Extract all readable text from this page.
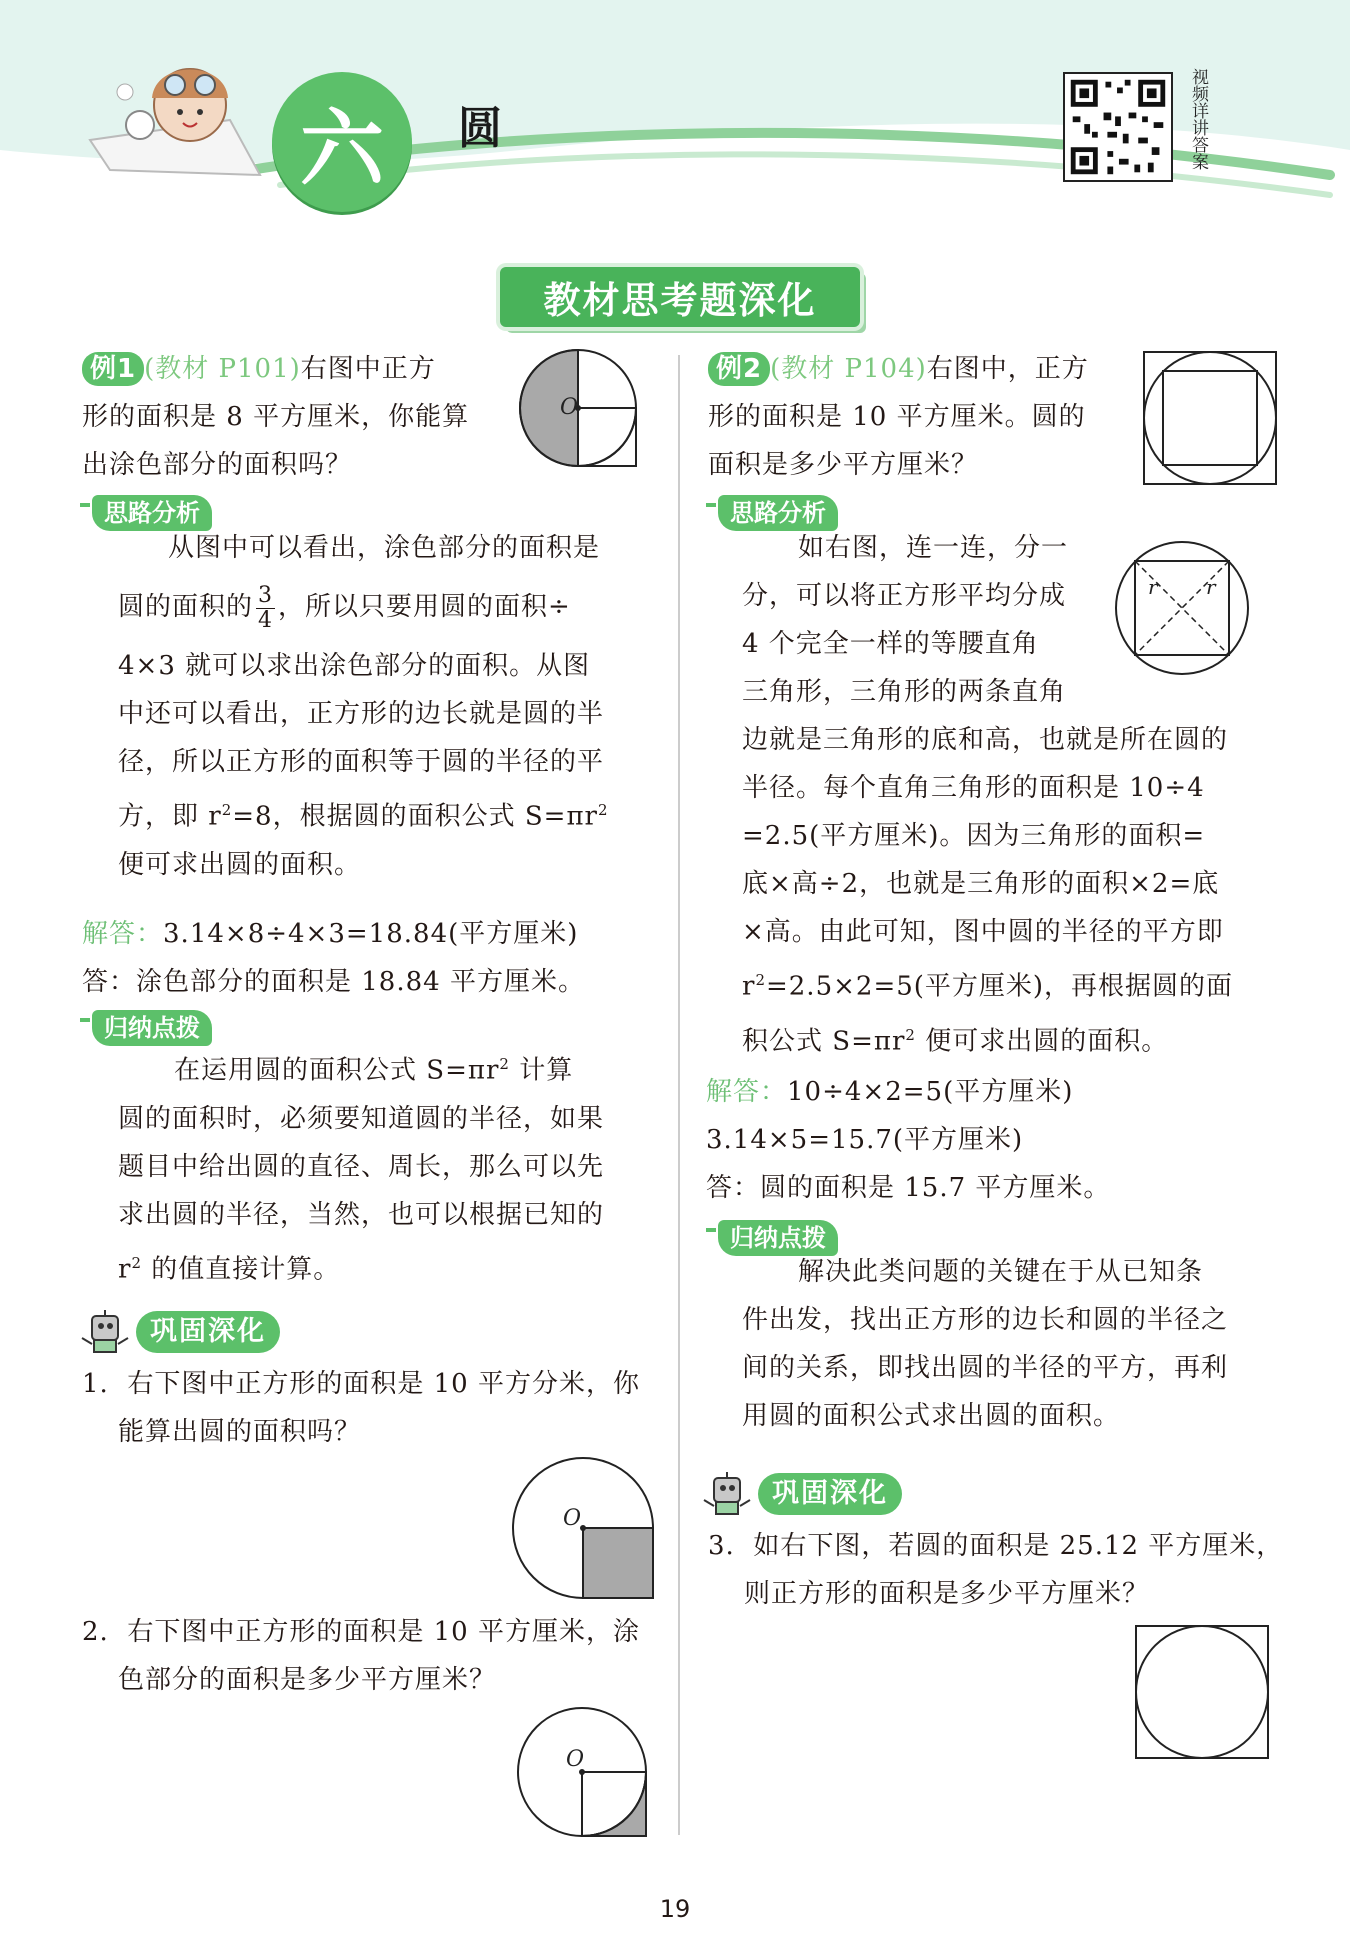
六	圆	视频详讲答案
教材思考题深化
例1 (教材 P101)右图中正方
形的面积是 8 平方厘米，你能算
出涂色部分的面积吗？
O
思路分析
从图中可以看出，涂色部分的面积是
圆的面积的 $\frac{3}{4}$ ，所以只要用圆的面积÷
4×3 就可以求出涂色部分的面积。从图
中还可以看出，正方形的边长就是圆的半
径，所以正方形的面积等于圆的半径的平
方，即 $r^2=8$，根据圆的面积公式 $S=\pi r^2$
便可求出圆的面积。
解答：3.14×8÷4×3=18.84(平方厘米)
答：涂色部分的面积是 18.84 平方厘米。
归纳点拨
在运用圆的面积公式 $S=\pi r^2$ 计算
圆的面积时，必须要知道圆的半径，如果
题目中给出圆的直径、周长，那么可以先
求出圆的半径，当然，也可以根据已知的
$r^2$ 的值直接计算。
巩固深化
1. 右下图中正方形的面积是 10 平方分米，你
能算出圆的面积吗？
O
2. 右下图中正方形的面积是 10 平方厘米，涂
色部分的面积是多少平方厘米？
O
例2 (教材 P104)右图中，正方
形的面积是 10 平方厘米。圆的
面积是多少平方厘米？
思路分析
r r
如右图，连一连，分一
分，可以将正方形平均分成
4 个完全一样的等腰直角
三角形，三角形的两条直角
边就是三角形的底和高，也就是所在圆的
半径。每个直角三角形的面积是 10÷4
=2.5(平方厘米)。因为三角形的面积=
底×高÷2，也就是三角形的面积×2=底
×高。由此可知，图中圆的半径的平方即
$r^2=2.5\times 2=5$(平方厘米)，再根据圆的面
积公式 $S=\pi r^2$ 便可求出圆的面积。
解答：10÷4×2=5(平方厘米)
3.14×5=15.7(平方厘米)
答：圆的面积是 15.7 平方厘米。
归纳点拨
解决此类问题的关键在于从已知条
件出发，找出正方形的边长和圆的半径之
间的关系，即找出圆的半径的平方，再利
用圆的面积公式求出圆的面积。
巩固深化
3. 如右下图，若圆的面积是 25.12 平方厘米，
则正方形的面积是多少平方厘米？
19
